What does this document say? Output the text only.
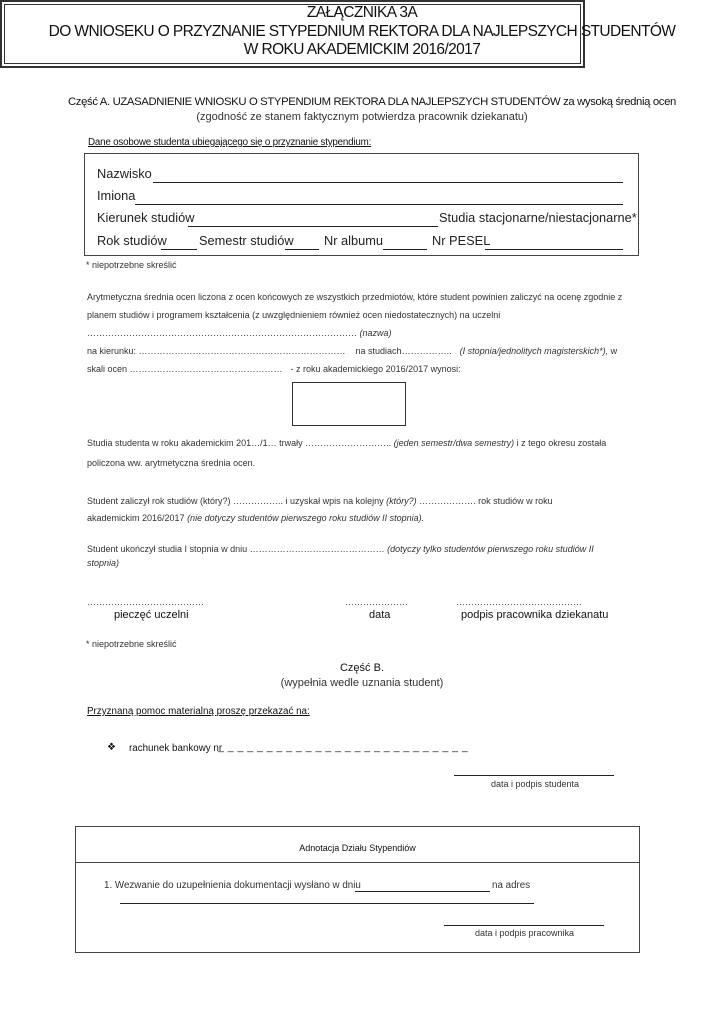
ZAŁĄCZNIKA 3A
DO WNIOSEKU O PRZYZNANIE STYPEDNIUM REKTORA DLA NAJLEPSZYCH STUDENTÓW
W ROKU AKADEMICKIM 2016/2017
Część A. UZASADNIENIE WNIOSKU O STYPENDIUM REKTORA DLA NAJLEPSZYCH STUDENTÓW za wysoką średnią ocen
(zgodność ze stanem faktycznym potwierdza pracownik dziekanatu)
Dane osobowe studenta ubiegającego się o przyznanie stypendium:
Nazwisko
Imiona
Kierunek studiów	Studia stacjonarne/niestacjonarne*
Rok studiów	Semestr studiów Nr albumu	Nr PESEL
* niepotrzebne skreślić
Arytmetyczna średnia ocen liczona z ocen końcowych ze wszystkich przedmiotów, które student powinien zaliczyć na ocenę zgodnie z
planem studiów i programem kształcenia (z uwzględnieniem również ocen niedostatecznych) na uczelni
……………………………………………………………………………… (nazwa)
na kierunku: …………………………………………………………… na studiach…………….. (I stopnia/jednolitych magisterskich*), w
skali ocen …………………………………………… - z roku akademickiego 2016/2017 wynosi:
Studia studenta w roku akademickim 201…/1… trwały ……………………….. (jeden semestr/dwa semestry) i z tego okresu została
policzona ww. arytmetyczna średnia ocen.
Student zaliczył rok studiów (który?) …………….. i uzyskał wpis na kolejny (który?) ………………. rok studiów w roku
akademickim 2016/2017 (nie dotyczy studentów pierwszego roku studiów II stopnia).
Student ukończył studia I stopnia w dniu ……………………………………… (dotyczy tylko studentów pierwszego roku studiów II
stopnia)
…………………………………	…………………	……………………………………
pieczęć uczelni	data	podpis pracownika dziekanatu
* niepotrzebne skreślić
Część B.
(wypełnia wedle uznania student)
Przyznaną pomoc materialną proszę przekazać na:
❖ rachunek bankowy nr
_ _ _ _ _ _ _ _ _ _ _ _ _ _ _ _ _ _ _ _ _ _ _ _ _ _
data i podpis studenta
Adnotacja Działu Stypendiów
1. Wezwanie do uzupełnienia dokumentacji wysłano w dniu	na adres
data i podpis pracownika
